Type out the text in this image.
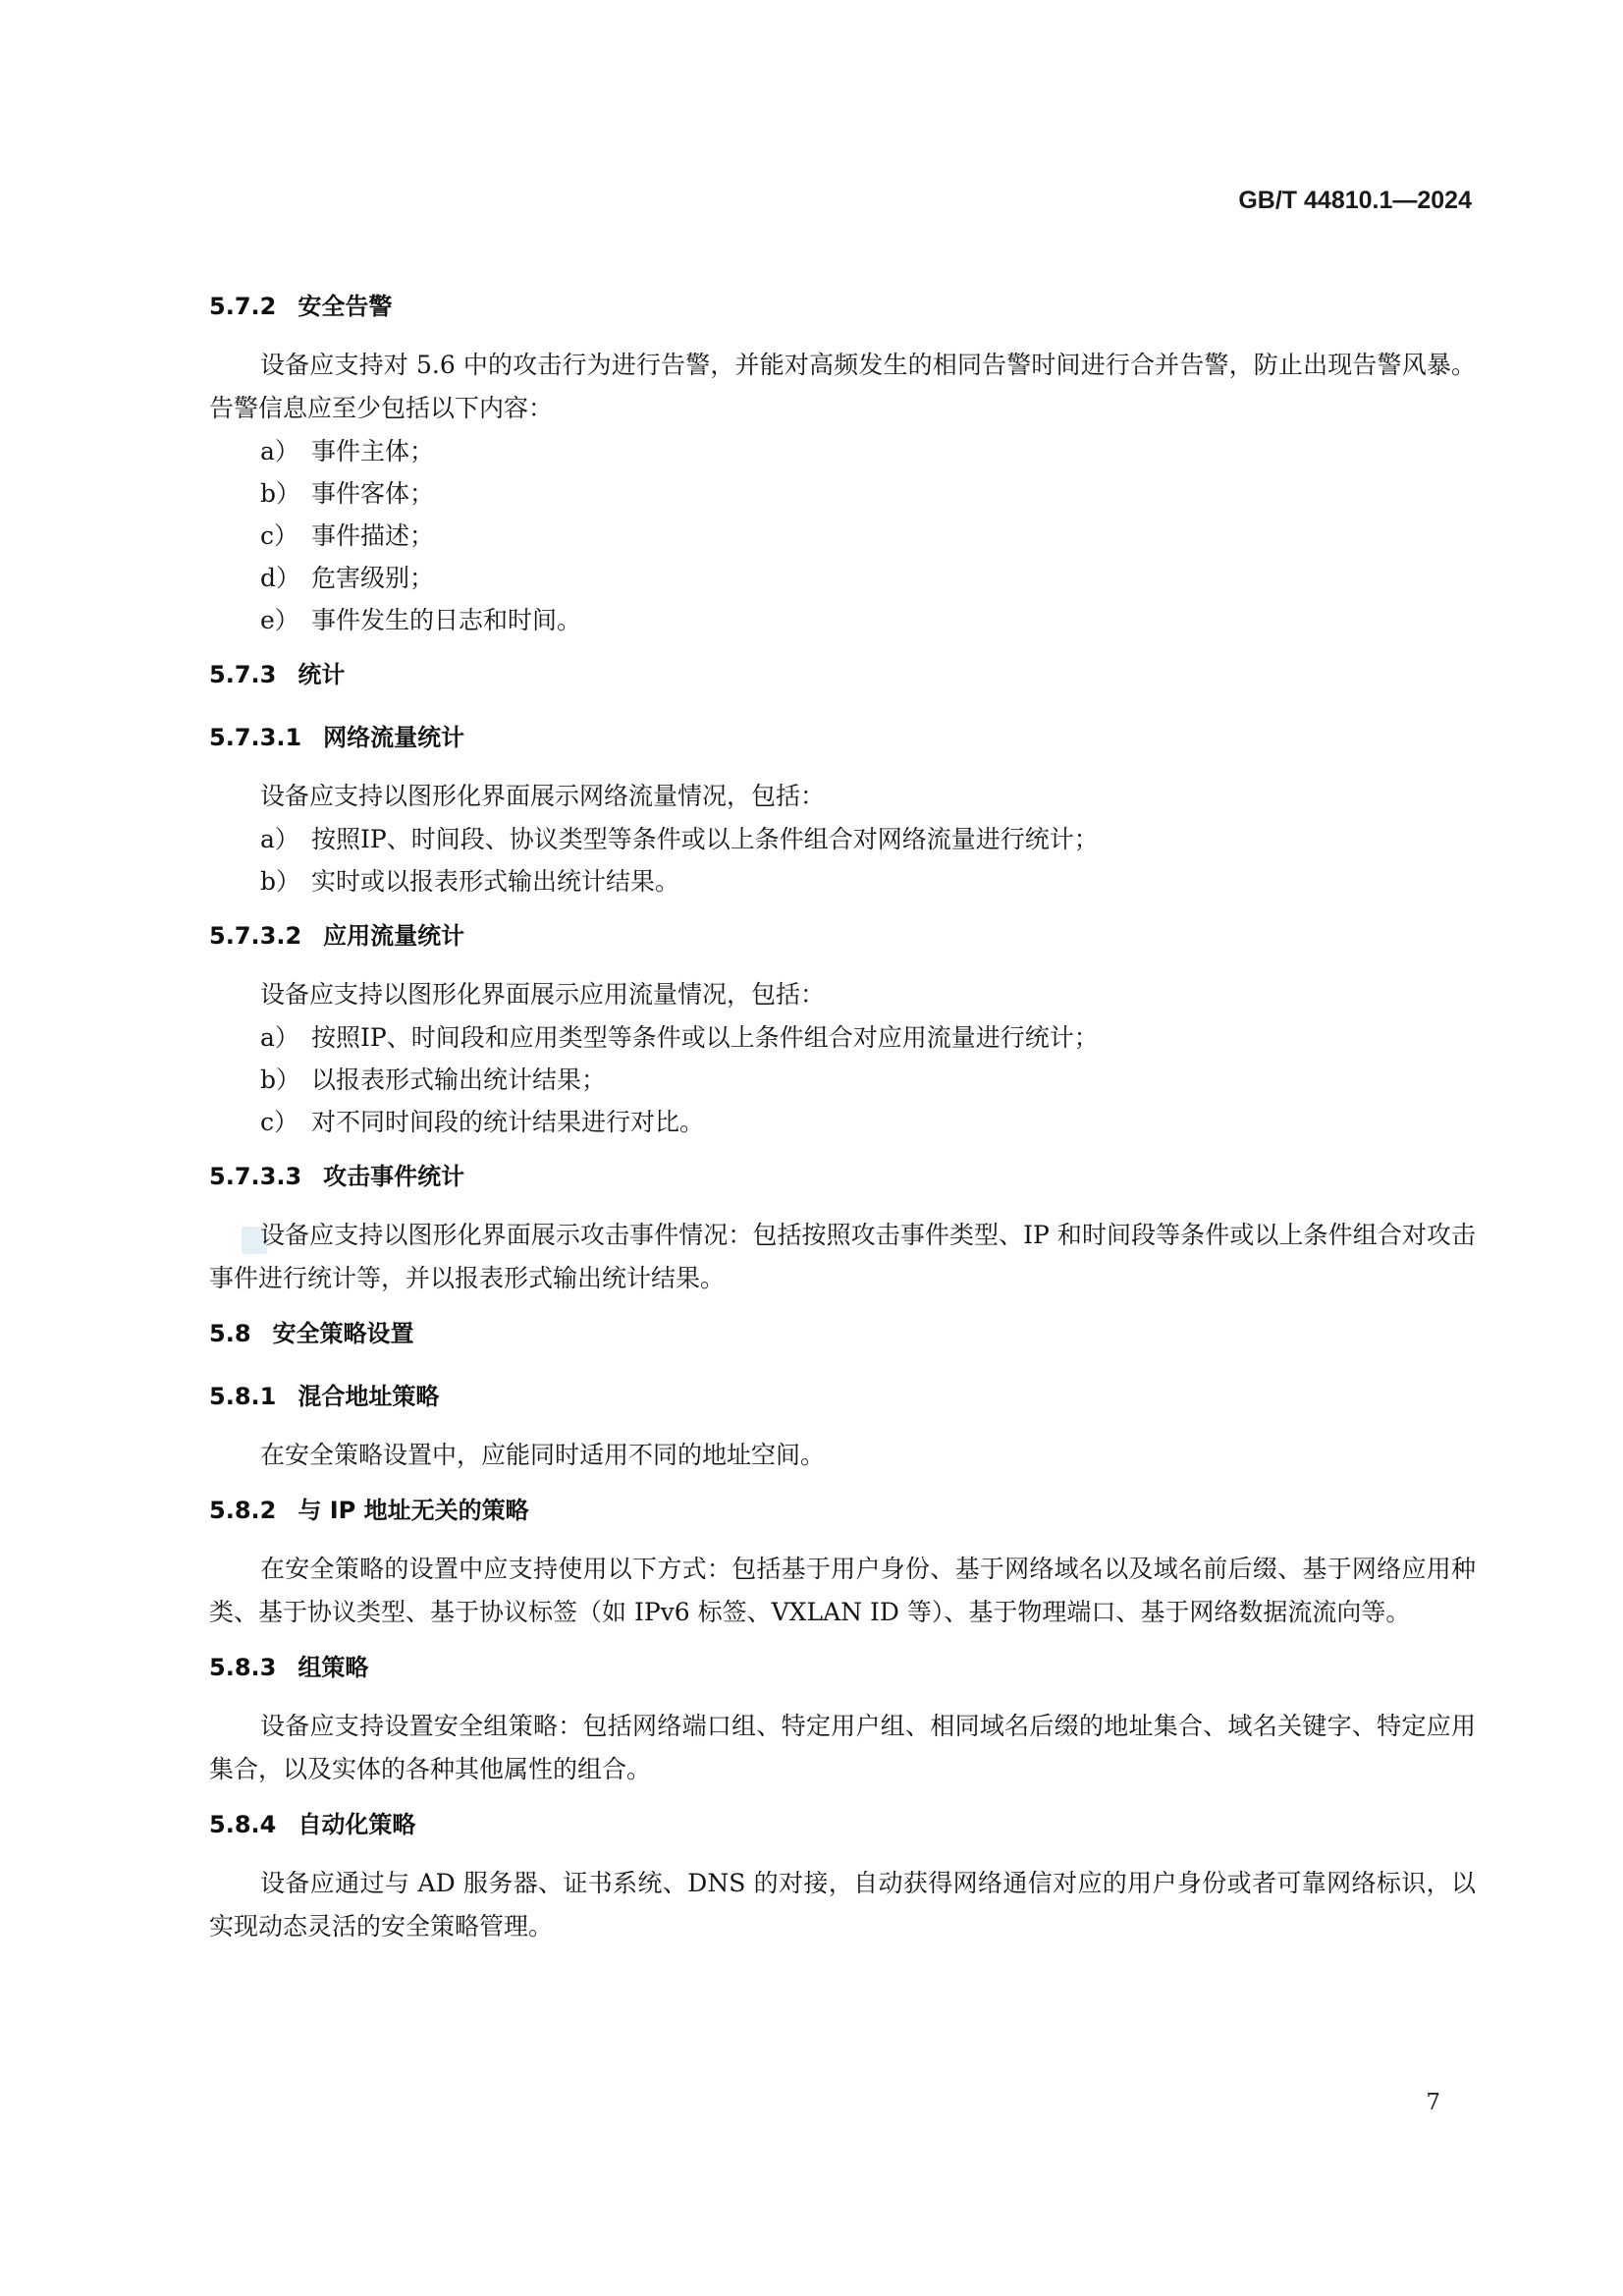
GB/T 44810.1—2024
5.7.2 安全告警

设备应支持对 5.6 中的攻击行为进行告警，并能对高频发生的相同告警时间进行合并告警，防止出现告警风暴。告警信息应至少包括以下内容：

a） 事件主体；

b） 事件客体；

c） 事件描述；

d） 危害级别；

e） 事件发生的日志和时间。

5.7.3 统计
5.7.3.1 网络流量统计

设备应支持以图形化界面展示网络流量情况，包括：

a） 按照IP、时间段、协议类型等条件或以上条件组合对网络流量进行统计；

b） 实时或以报表形式输出统计结果。

5.7.3.2 应用流量统计

设备应支持以图形化界面展示应用流量情况，包括：

a） 按照IP、时间段和应用类型等条件或以上条件组合对应用流量进行统计；

b） 以报表形式输出统计结果；

c） 对不同时间段的统计结果进行对比。

5.7.3.3 攻击事件统计

设备应支持以图形化界面展示攻击事件情况：包括按照攻击事件类型、IP 和时间段等条件或以上条件组合对攻击事件进行统计等，并以报表形式输出统计结果。

5.8 安全策略设置
5.8.1 混合地址策略

在安全策略设置中，应能同时适用不同的地址空间。

5.8.2 与 IP 地址无关的策略

在安全策略的设置中应支持使用以下方式：包括基于用户身份、基于网络域名以及域名前后缀、基于网络应用种类、基于协议类型、基于协议标签（如 IPv6 标签、VXLAN ID 等）、基于物理端口、基于网络数据流流向等。

5.8.3 组策略

设备应支持设置安全组策略：包括网络端口组、特定用户组、相同域名后缀的地址集合、域名关键字、特定应用集合，以及实体的各种其他属性的组合。

5.8.4 自动化策略

设备应通过与 AD 服务器、证书系统、DNS 的对接，自动获得网络通信对应的用户身份或者可靠网络标识，以实现动态灵活的安全策略管理。

7
